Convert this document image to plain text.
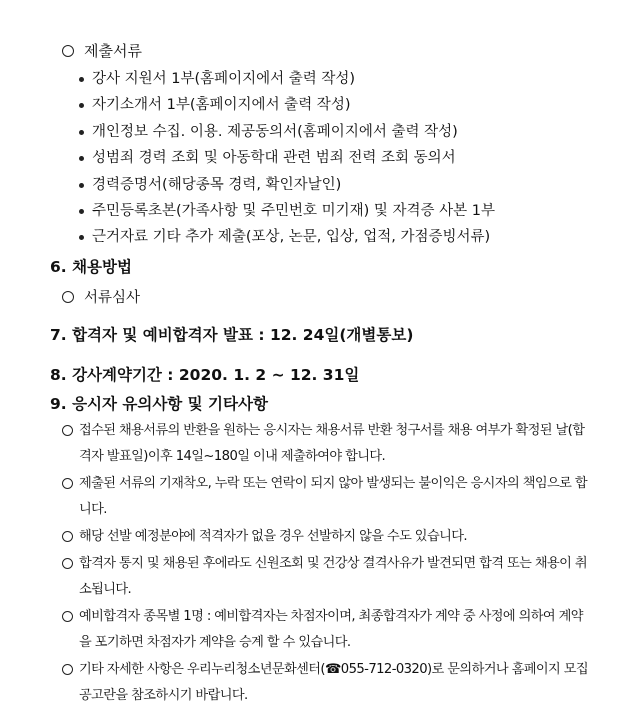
제출서류
강사 지원서 1부(홈페이지에서 출력 작성)
자기소개서 1부(홈페이지에서 출력 작성)
개인정보 수집. 이용. 제공동의서(홈페이지에서 출력 작성)
성범죄 경력 조회 및 아동학대 관련 범죄 전력 조회 동의서
경력증명서(해당종목 경력, 확인자날인)
주민등록초본(가족사항 및 주민번호 미기재) 및 자격증 사본 1부
근거자료 기타 추가 제출(포상, 논문, 입상, 업적, 가점증빙서류)
6. 채용방법
서류심사
7. 합격자 및 예비합격자 발표 : 12. 24일(개별통보)
8. 강사계약기간 : 2020. 1. 2 ~ 12. 31일
9. 응시자 유의사항 및 기타사항
접수된 채용서류의 반환을 원하는 응시자는 채용서류 반환 청구서를 채용 여부가 확정된 날(합격자 발표일)이후 14일~180일 이내 제출하여야 합니다.
제출된 서류의 기재착오, 누락 또는 연락이 되지 않아 발생되는 불이익은 응시자의 책임으로 합니다.
해당 선발 예정분야에 적격자가 없을 경우 선발하지 않을 수도 있습니다.
합격자 통지 및 채용된 후에라도 신원조회 및 건강상 결격사유가 발견되면 합격 또는 채용이 취소됩니다.
예비합격자 종목별 1명 : 예비합격자는 차점자이며, 최종합격자가 계약 중 사정에 의하여 계약을 포기하면 차점자가 계약을 승계 할 수 있습니다.
기타 자세한 사항은 우리누리청소년문화센터(☎055-712-0320)로 문의하거나 홈페이지 모집 공고란을 참조하시기 바랍니다.
